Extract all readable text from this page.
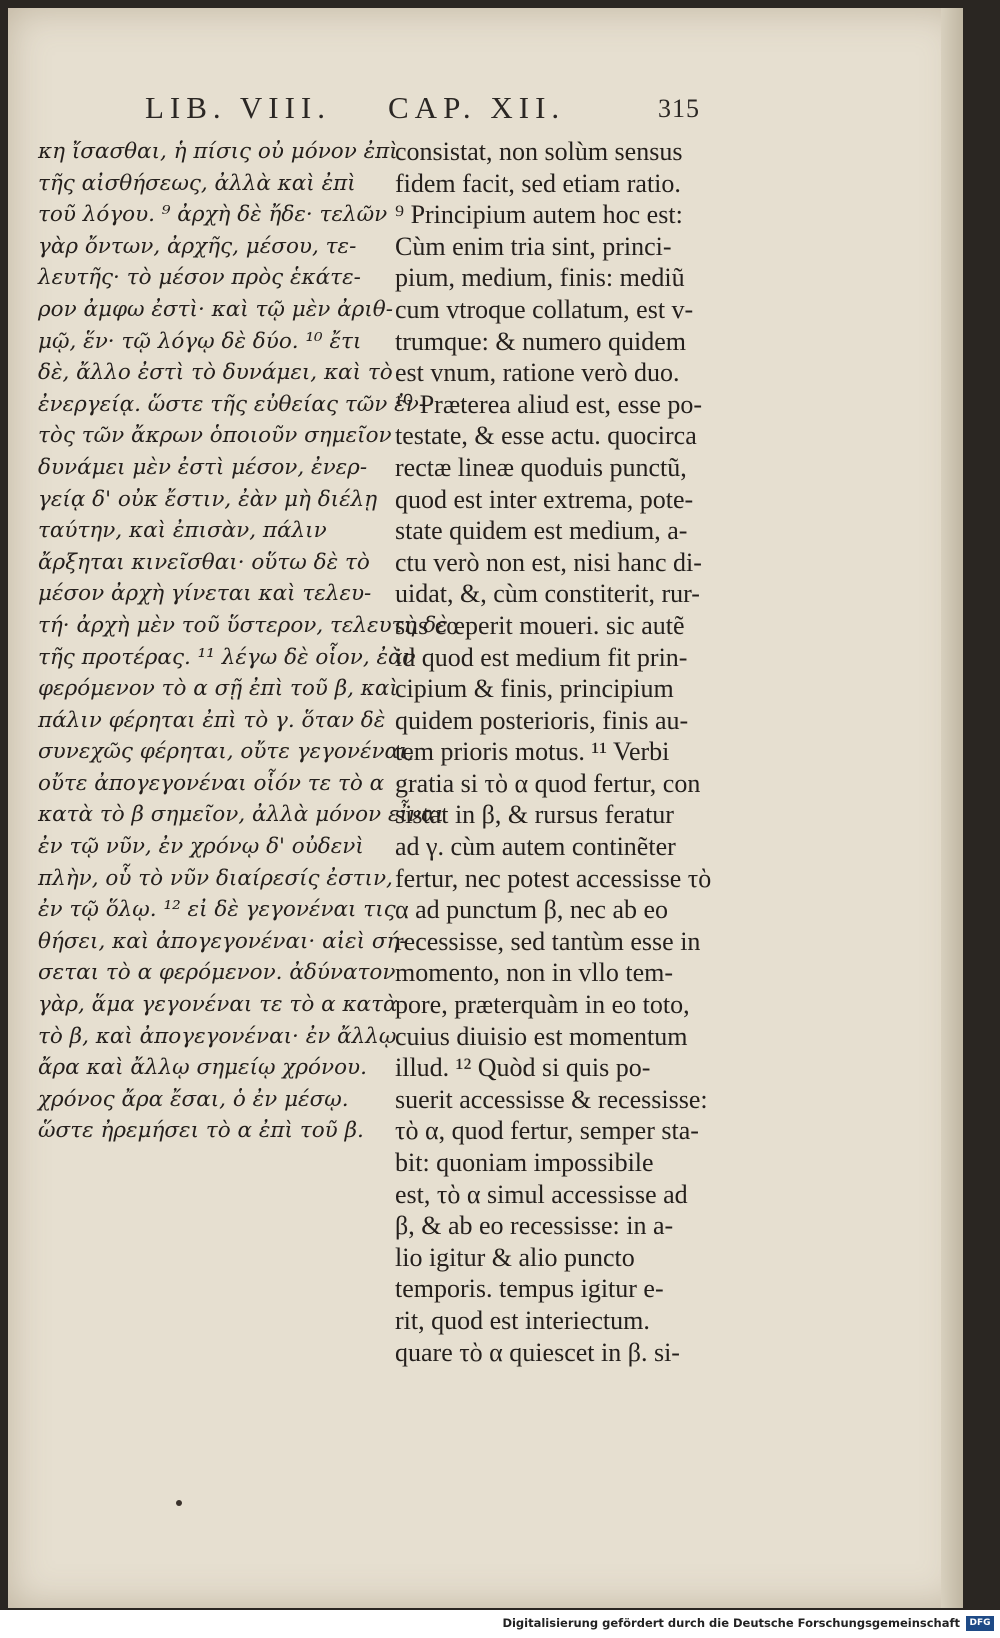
LIB. VIII. CAP. XII.	315
κη ἴσασθαι, ἡ πίσις οὐ μόνον ἐπὶ
τῆς αἰσθήσεως, ἀλλὰ καὶ ἐπὶ
τοῦ λόγου. ⁹ ἀρχὴ δὲ ἤδε· τελῶν
γὰρ ὄντων, ἀρχῆς, μέσου, τε-
λευτῆς· τὸ μέσον πρὸς ἑκάτε-
ρον ἀμφω ἐστὶ· καὶ τῷ μὲν ἀριθ-
μῷ, ἕν· τῷ λόγῳ δὲ δύο. ¹⁰ ἔτι
δὲ, ἄλλο ἐστὶ τὸ δυνάμει, καὶ τὸ
ἐνεργείᾳ. ὥστε τῆς εὐθείας τῶν ἐν-
τὸς τῶν ἄκρων ὁποιοῦν σημεῖον
δυνάμει μὲν ἐστὶ μέσον, ἐνερ-
γείᾳ δ' οὐκ ἔστιν, ἐὰν μὴ διέλῃ
ταύτην, καὶ ἐπισὰν, πάλιν
ἄρξηται κινεῖσθαι· οὕτω δὲ τὸ
μέσον ἀρχὴ γίνεται καὶ τελευ-
τή· ἀρχὴ μὲν τοῦ ὕστερον, τελευτὴ δὲ
τῆς προτέρας. ¹¹ λέγω δὲ οἷον, ἐὰν
φερόμενον τὸ α σῇ ἐπὶ τοῦ β, καὶ
πάλιν φέρηται ἐπὶ τὸ γ. ὅταν δὲ
συνεχῶς φέρηται, οὔτε γεγονέναι,
οὔτε ἀπογεγονέναι οἷόν τε τὸ α
κατὰ τὸ β σημεῖον, ἀλλὰ μόνον εἶναι
ἐν τῷ νῦν, ἐν χρόνῳ δ' οὐδενὶ
πλὴν, οὗ τὸ νῦν διαίρεσίς ἐστιν,
ἐν τῷ ὅλῳ. ¹² εἰ δὲ γεγονέναι τις
θήσει, καὶ ἀπογεγονέναι· αἰεὶ σή-
σεται τὸ α φερόμενον. ἀδύνατον
γὰρ, ἅμα γεγονέναι τε τὸ α κατὰ
τὸ β, καὶ ἀπογεγονέναι· ἐν ἄλλῳ
ἄρα καὶ ἄλλῳ σημείῳ χρόνου.
χρόνος ἄρα ἔσαι, ὁ ἐν μέσῳ.
ὥστε ἠρεμήσει τὸ α ἐπὶ τοῦ β.
consistat, non solùm sensus
fidem facit, sed etiam ratio.
⁹ Principium autem hoc est:
Cùm enim tria sint, princi-
pium, medium, finis: mediũ
cum vtroque collatum, est v-
trumque: & numero quidem
est vnum, ratione verò duo.
¹⁰ Præterea aliud est, esse po-
testate, & esse actu. quocirca
rectæ lineæ quoduis punctũ,
quod est inter extrema, pote-
state quidem est medium, a-
ctu verò non est, nisi hanc di-
uidat, &, cùm constiterit, rur-
sus cœperit moueri. sic autẽ
id quod est medium fit prin-
cipium & finis, principium
quidem posterioris, finis au-
tem prioris motus. ¹¹ Verbi
gratia si τὸ α quod fertur, con
sistat in β, & rursus feratur
ad γ. cùm autem continẽter
fertur, nec potest accessisse τὸ
α ad punctum β, nec ab eo
recessisse, sed tantùm esse in
momento, non in vllo tem-
pore, præterquàm in eo toto,
cuius diuisio est momentum
illud. ¹² Quòd si quis po-
suerit accessisse & recessisse:
τὸ α, quod fertur, semper sta-
bit: quoniam impossibile
est, τὸ α simul accessisse ad
β, & ab eo recessisse: in a-
lio igitur & alio puncto
temporis. tempus igitur e-
rit, quod est interiectum.
quare τὸ α quiescet in β. si-
Digitalisierung gefördert durch die Deutsche Forschungsgemeinschaft	DFG
